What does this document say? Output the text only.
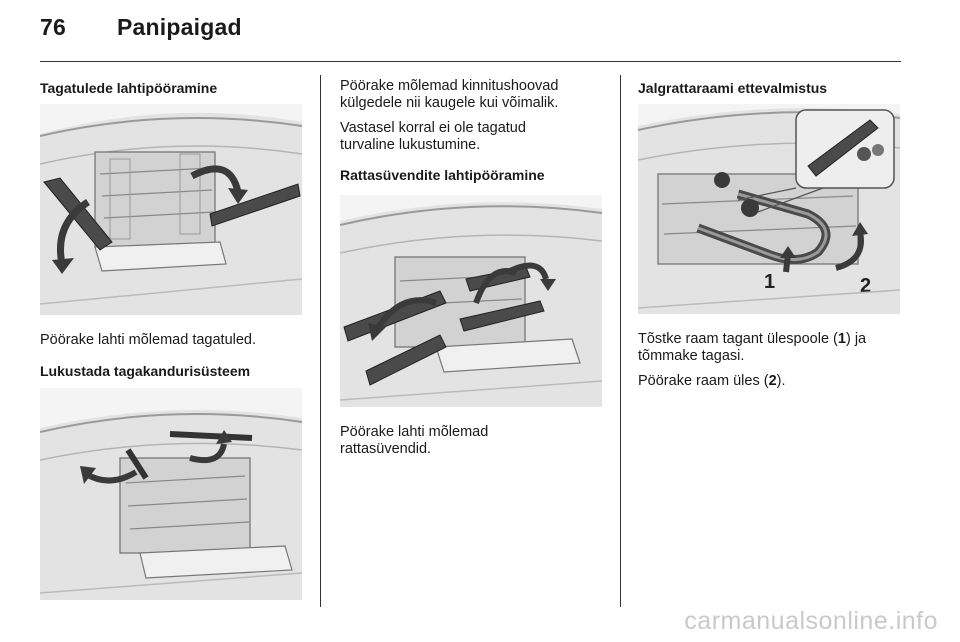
76 Panipaigad
Tagatulede lahtipööramine
Pöörake lahti mõlemad tagatuled.
Lukustada tagakandurisüsteem
Pöörake mõlemad kinnitushoovad
külgedele nii kaugele kui võimalik.
Vastasel korral ei ole tagatud
turvaline lukustumine.
Rattasüvendite lahtipööramine
Pöörake lahti mõlemad
rattasüvendid.
Jalgrattaraami ettevalmistus
1	2
Tõstke raam tagant ülespoole (1) ja
tõmmake tagasi.
Pöörake raam üles (2).
carmanualsonline.info
